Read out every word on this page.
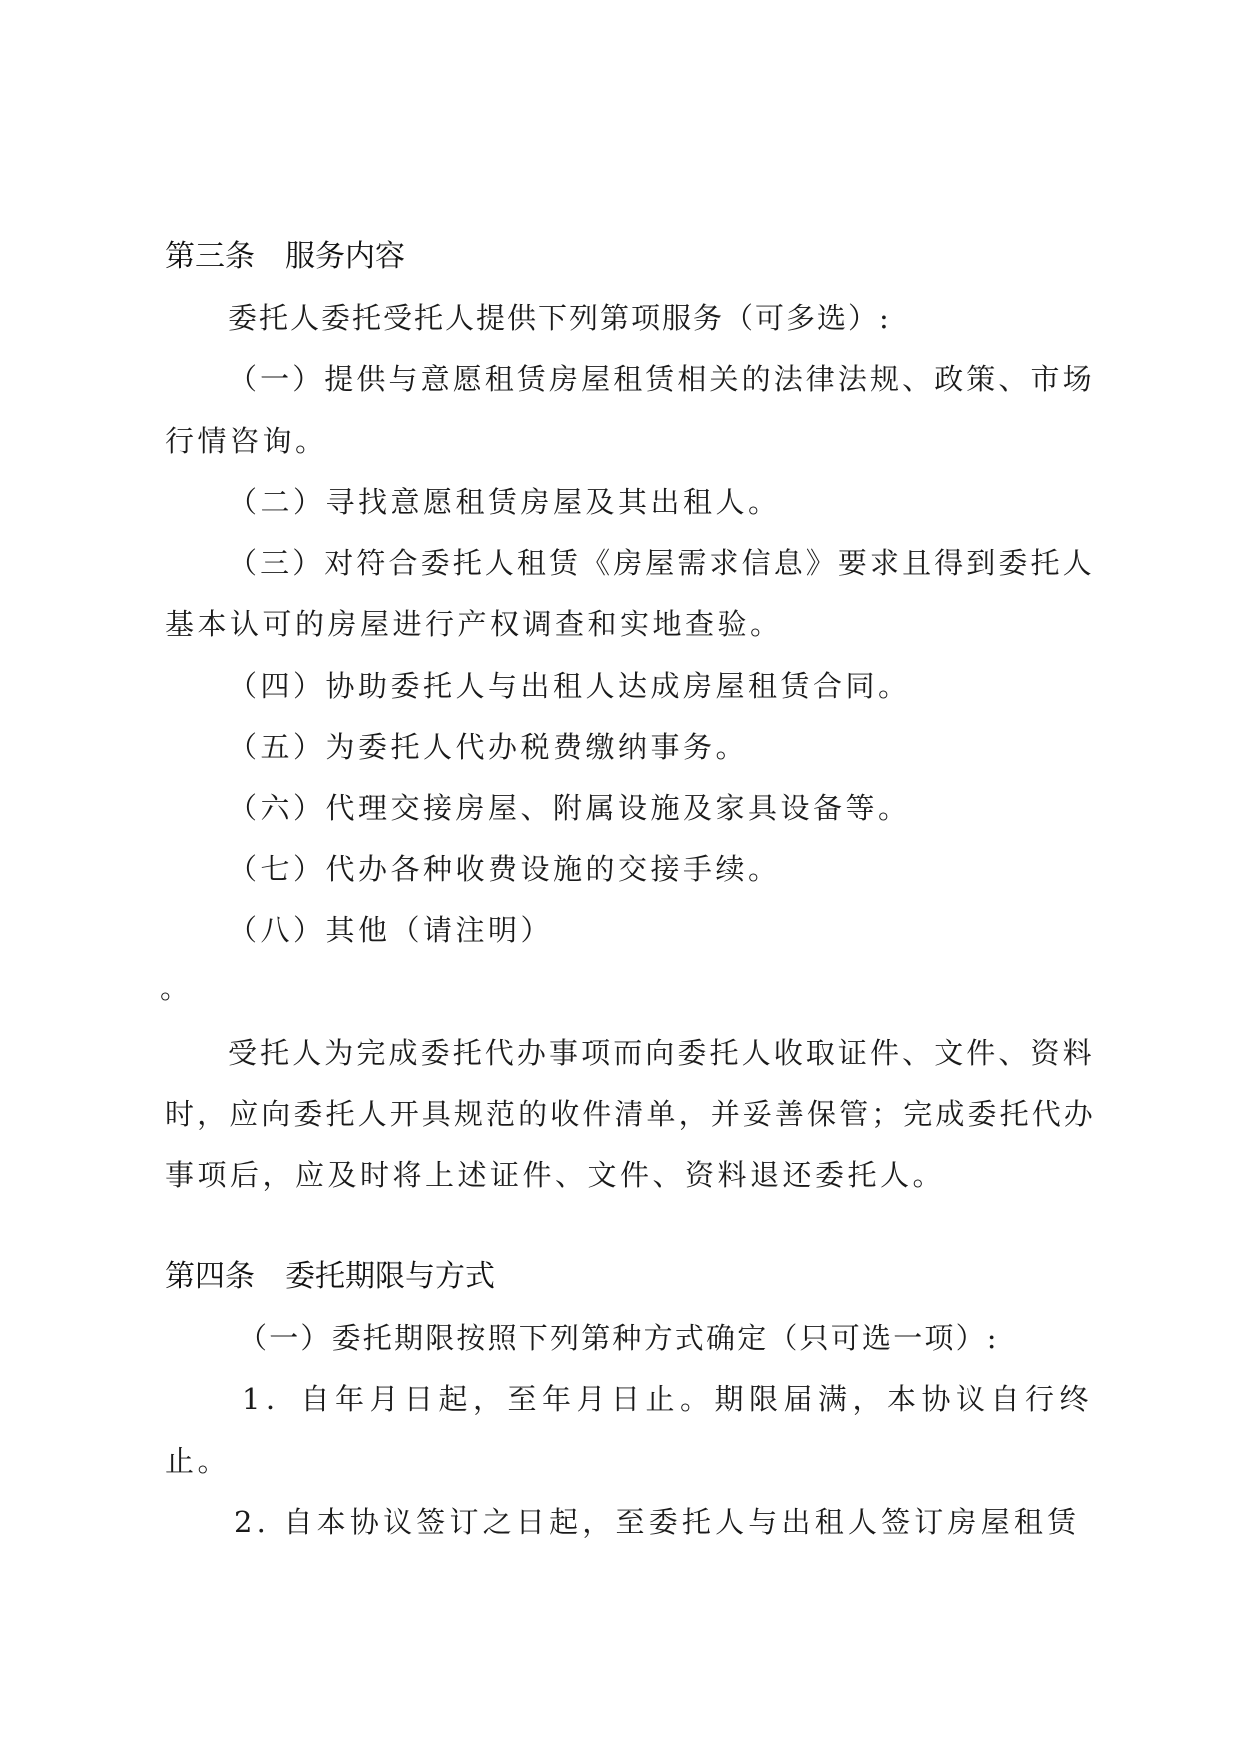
第三条　服务内容
委托人委托受托人提供下列第项服务（可多选）:
（一）提供与意愿租赁房屋租赁相关的法律法规、政策、市场
行情咨询。
（二）寻找意愿租赁房屋及其出租人。
（三）对符合委托人租赁《房屋需求信息》要求且得到委托人
基本认可的房屋进行产权调查和实地查验。
（四）协助委托人与出租人达成房屋租赁合同。
（五）为委托人代办税费缴纳事务。
（六）代理交接房屋、附属设施及家具设备等。
（七）代办各种收费设施的交接手续。
（八）其他（请注明）
。
受托人为完成委托代办事项而向委托人收取证件、文件、资料
时，应向委托人开具规范的收件清单，并妥善保管；完成委托代办
事项后，应及时将上述证件、文件、资料退还委托人。
第四条　委托期限与方式
（一）委托期限按照下列第种方式确定（只可选一项）:
1．自年月日起，至年月日止。期限届满，本协议自行终
止。
2. 自本协议签订之日起，至委托人与出租人签订房屋租赁
